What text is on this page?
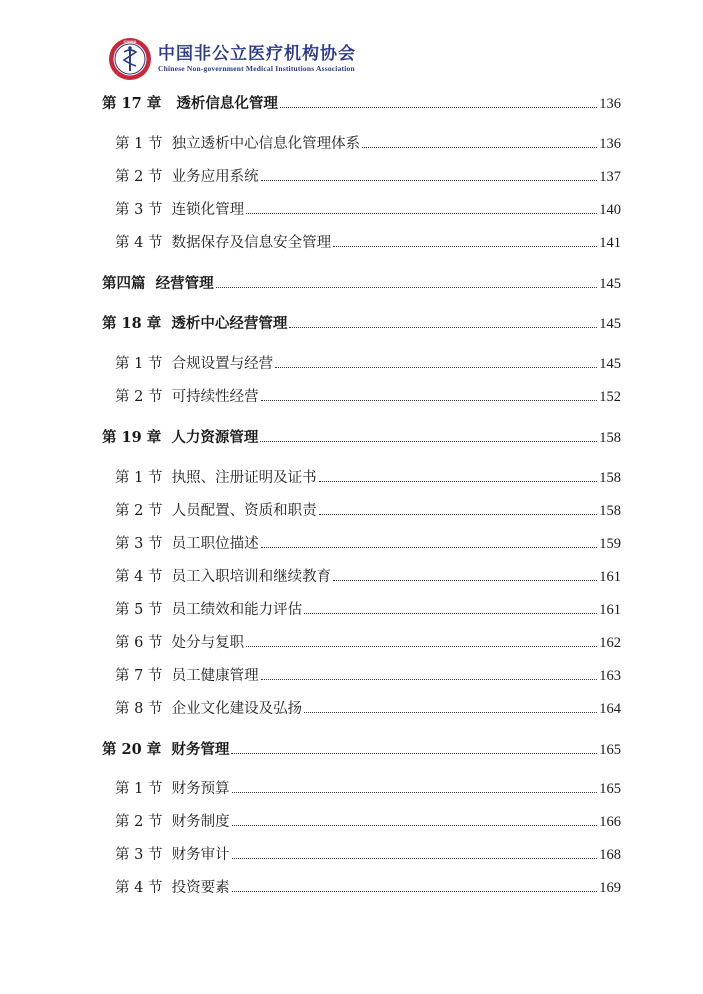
CNMIA
中国非公立医疗机构协会
Chinese Non-government Medical Institutions Association
第 17 章   透析信息化管理	136
第 1 节  独立透析中心信息化管理体系	136
第 2 节  业务应用系统	137
第 3 节  连锁化管理	140
第 4 节  数据保存及信息安全管理	141
第四篇  经营管理	145
第 18 章  透析中心经营管理	145
第 1 节  合规设置与经营	145
第 2 节  可持续性经营	152
第 19 章  人力资源管理	158
第 1 节  执照、注册证明及证书	158
第 2 节  人员配置、资质和职责	158
第 3 节  员工职位描述	159
第 4 节  员工入职培训和继续教育	161
第 5 节  员工绩效和能力评估	161
第 6 节  处分与复职	162
第 7 节  员工健康管理	163
第 8 节  企业文化建设及弘扬	164
第 20 章  财务管理	165
第 1 节  财务预算	165
第 2 节  财务制度	166
第 3 节  财务审计	168
第 4 节  投资要素	169
